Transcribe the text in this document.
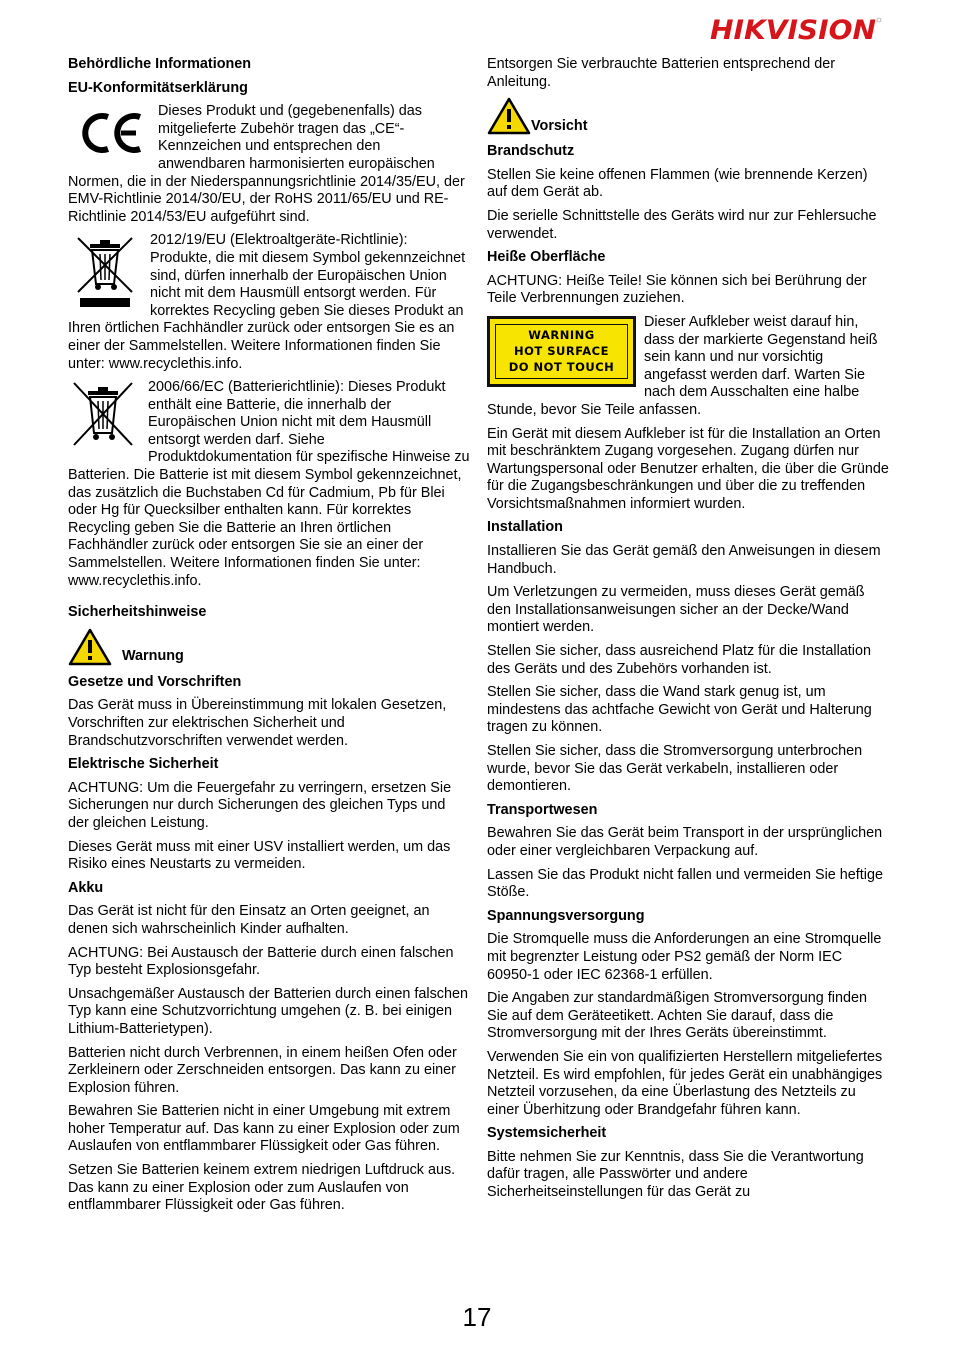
HIKVISION
Behördliche Informationen
EU-Konformitätserklärung

Dieses Produkt und (gegebenenfalls) das mitgelieferte Zubehör tragen das „CE“-Kennzeichen und entsprechen den anwendbaren harmonisierten europäischen Normen, die in der Niederspannungsrichtlinie 2014/35/EU, der EMV-Richtlinie 2014/30/EU, der RoHS 2011/65/EU und RE-Richtlinie 2014/53/EU aufgeführt sind.

2012/19/EU (Elektroaltgeräte-Richtlinie): Produkte, die mit diesem Symbol gekennzeichnet sind, dürfen innerhalb der Europäischen Union nicht mit dem Hausmüll entsorgt werden. Für korrektes Recycling geben Sie dieses Produkt an Ihren örtlichen Fachhändler zurück oder entsorgen Sie es an einer der Sammelstellen. Weitere Informationen finden Sie unter: www.recyclethis.info.

2006/66/EC (Batterierichtlinie): Dieses Produkt enthält eine Batterie, die innerhalb der Europäischen Union nicht mit dem Hausmüll entsorgt werden darf. Siehe Produktdokumentation für spezifische Hinweise zu Batterien. Die Batterie ist mit diesem Symbol gekennzeichnet, das zusätzlich die Buchstaben Cd für Cadmium, Pb für Blei oder Hg für Quecksilber enthalten kann. Für korrektes Recycling geben Sie die Batterie an Ihren örtlichen Fachhändler zurück oder entsorgen Sie sie an einer der Sammelstellen. Weitere Informationen finden Sie unter: www.recyclethis.info.

Sicherheitshinweise
Warnung
Gesetze und Vorschriften

Das Gerät muss in Übereinstimmung mit lokalen Gesetzen, Vorschriften zur elektrischen Sicherheit und Brandschutzvorschriften verwendet werden.

Elektrische Sicherheit

ACHTUNG: Um die Feuergefahr zu verringern, ersetzen Sie Sicherungen nur durch Sicherungen des gleichen Typs und der gleichen Leistung.

Dieses Gerät muss mit einer USV installiert werden, um das Risiko eines Neustarts zu vermeiden.

Akku

Das Gerät ist nicht für den Einsatz an Orten geeignet, an denen sich wahrscheinlich Kinder aufhalten.

ACHTUNG: Bei Austausch der Batterie durch einen falschen Typ besteht Explosionsgefahr.

Unsachgemäßer Austausch der Batterien durch einen falschen Typ kann eine Schutzvorrichtung umgehen (z. B. bei einigen Lithium-Batterietypen).

Batterien nicht durch Verbrennen, in einem heißen Ofen oder Zerkleinern oder Zerschneiden entsorgen. Das kann zu einer Explosion führen.

Bewahren Sie Batterien nicht in einer Umgebung mit extrem hoher Temperatur auf. Das kann zu einer Explosion oder zum Auslaufen von entflammbarer Flüssigkeit oder Gas führen.

Setzen Sie Batterien keinem extrem niedrigen Luftdruck aus. Das kann zu einer Explosion oder zum Auslaufen von entflammbarer Flüssigkeit oder Gas führen.

Entsorgen Sie verbrauchte Batterien entsprechend der Anleitung.

Vorsicht
Brandschutz

Stellen Sie keine offenen Flammen (wie brennende Kerzen) auf dem Gerät ab.

Die serielle Schnittstelle des Geräts wird nur zur Fehlersuche verwendet.

Heiße Oberfläche

ACHTUNG: Heiße Teile! Sie können sich bei Berührung der Teile Verbrennungen zuziehen.

WARNING
HOT SURFACE
DO NOT TOUCH

Dieser Aufkleber weist darauf hin, dass der markierte Gegenstand heiß sein kann und nur vorsichtig angefasst werden darf. Warten Sie nach dem Ausschalten eine halbe Stunde, bevor Sie Teile anfassen.

Ein Gerät mit diesem Aufkleber ist für die Installation an Orten mit beschränktem Zugang vorgesehen. Zugang dürfen nur Wartungspersonal oder Benutzer erhalten, die über die Gründe für die Zugangsbeschränkungen und über die zu treffenden Vorsichtsmaßnahmen informiert wurden.

Installation

Installieren Sie das Gerät gemäß den Anweisungen in diesem Handbuch.

Um Verletzungen zu vermeiden, muss dieses Gerät gemäß den Installationsanweisungen sicher an der Decke/Wand montiert werden.

Stellen Sie sicher, dass ausreichend Platz für die Installation des Geräts und des Zubehörs vorhanden ist.

Stellen Sie sicher, dass die Wand stark genug ist, um mindestens das achtfache Gewicht von Gerät und Halterung tragen zu können.

Stellen Sie sicher, dass die Stromversorgung unterbrochen wurde, bevor Sie das Gerät verkabeln, installieren oder demontieren.

Transportwesen

Bewahren Sie das Gerät beim Transport in der ursprünglichen oder einer vergleichbaren Verpackung auf.

Lassen Sie das Produkt nicht fallen und vermeiden Sie heftige Stöße.

Spannungsversorgung

Die Stromquelle muss die Anforderungen an eine Stromquelle mit begrenzter Leistung oder PS2 gemäß der Norm IEC 60950-1 oder IEC 62368-1 erfüllen.

Die Angaben zur standardmäßigen Stromversorgung finden Sie auf dem Geräteetikett. Achten Sie darauf, dass die Stromversorgung mit der Ihres Geräts übereinstimmt.

Verwenden Sie ein von qualifizierten Herstellern mitgeliefertes Netzteil. Es wird empfohlen, für jedes Gerät ein unabhängiges Netzteil vorzusehen, da eine Überlastung des Netzteils zu einer Überhitzung oder Brandgefahr führen kann.

Systemsicherheit

Bitte nehmen Sie zur Kenntnis, dass Sie die Verantwortung dafür tragen, alle Passwörter und andere Sicherheitseinstellungen für das Gerät zu

17
